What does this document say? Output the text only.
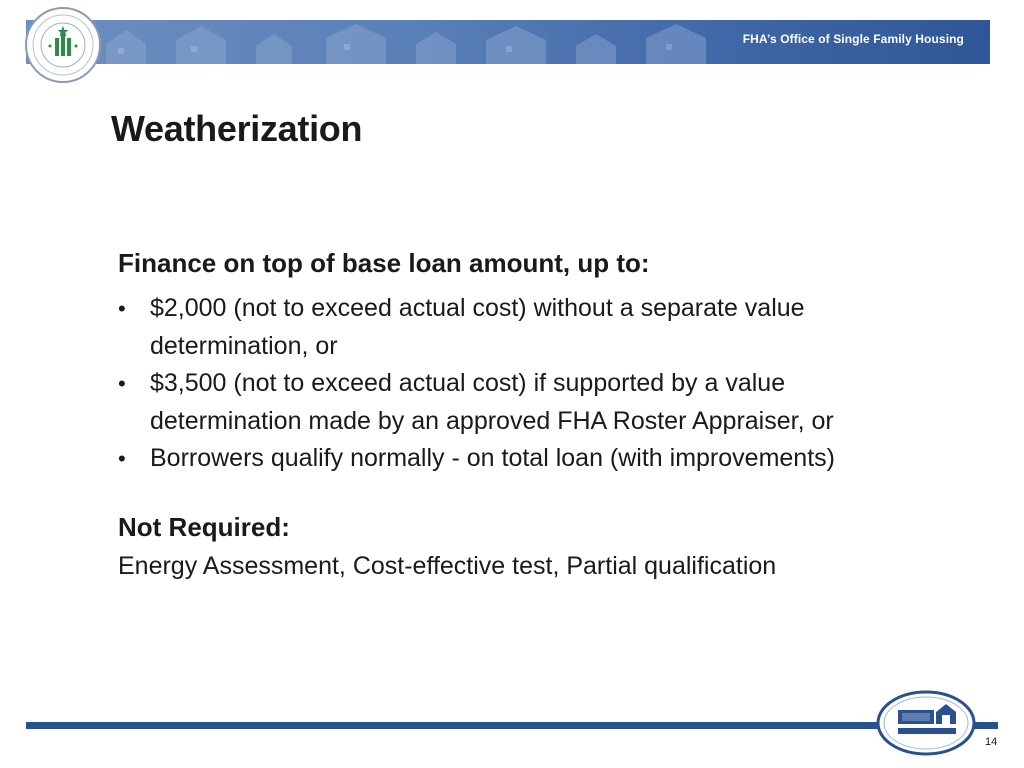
FHA’s Office of Single Family Housing
Weatherization
Finance on top of base loan amount, up to:
• $2,000 (not to exceed actual cost) without a separate value determination, or
• $3,500 (not to exceed actual cost) if supported by a value determination made by an approved FHA Roster Appraiser, or
• Borrowers qualify normally - on total loan (with improvements)
Not Required:

Energy Assessment, Cost-effective test, Partial qualification

14
